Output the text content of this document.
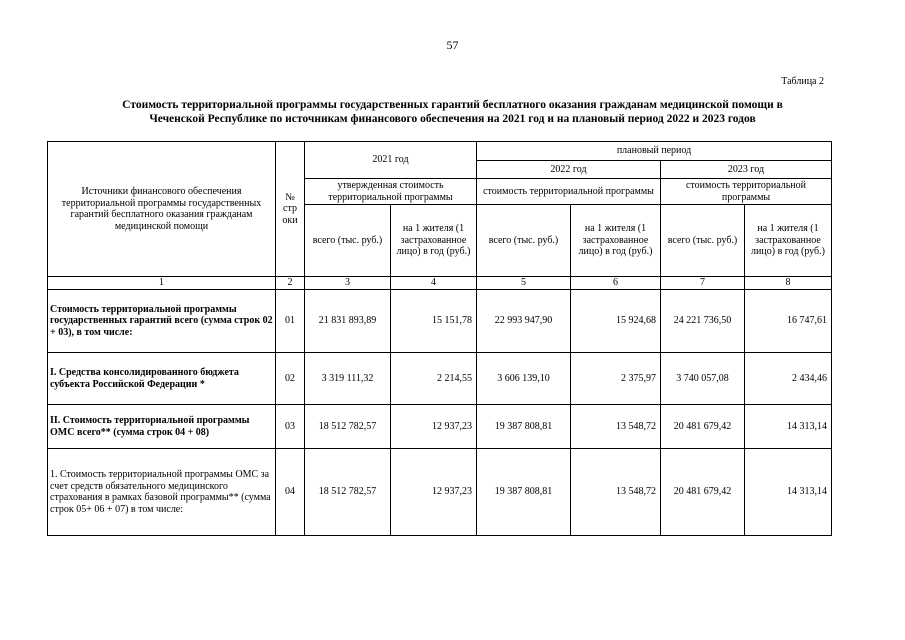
57
Таблица 2
Стоимость территориальной программы государственных гарантий бесплатного оказания гражданам медицинской помощи в
Чеченской Республике по источникам финансового обеспечения на 2021 год и на плановый период 2022 и 2023 годов
Источники финансового обеспечения территориальной программы государственных гарантий бесплатного оказания гражданам медицинской помощи	№ стр оки	2021 год		плановый период			
				2022 год		2023 год	
		утвержденная стоимость территориальной программы		стоимость территориальной программы		стоимость территориальной программы	
		всего (тыс. руб.)	на 1 жителя (1 застрахованное лицо) в год (руб.)	всего (тыс. руб.)	на 1 жителя (1 застрахованное лицо) в год (руб.)	всего (тыс. руб.)	на 1 жителя (1 застрахованное лицо) в год (руб.)
1	2	3	4	5	6	7	8
Стоимость территориальной программы государственных гарантий всего (сумма строк 02 + 03), в том числе:	01	21 831 893,89	15 151,78	22 993 947,90	15 924,68	24 221 736,50	16 747,61
I. Средства консолидированного бюджета субъекта Российской Федерации *	02	3 319 111,32	2 214,55	3 606 139,10	2 375,97	3 740 057,08	2 434,46
II. Стоимость территориальной программы ОМС всего** (сумма строк 04 + 08)	03	18 512 782,57	12 937,23	19 387 808,81	13 548,72	20 481 679,42	14 313,14
1. Стоимость территориальной программы ОМС за счет средств обязательного медицинского страхования в рамках базовой программы** (сумма строк 05+ 06 + 07) в том числе:	04	18 512 782,57	12 937,23	19 387 808,81	13 548,72	20 481 679,42	14 313,14
